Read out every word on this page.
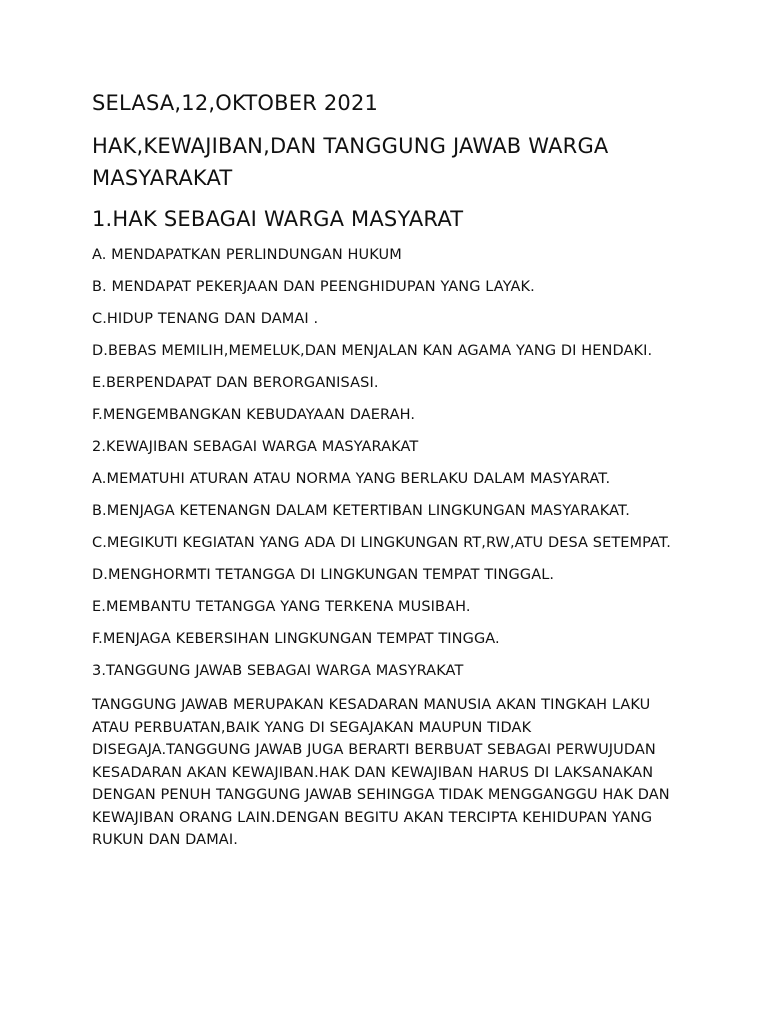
SELASA,12,OKTOBER 2021
HAK,KEWAJIBAN,DAN TANGGUNG JAWAB WARGA MASYARAKAT
1.HAK SEBAGAI WARGA MASYARAT
A. MENDAPATKAN PERLINDUNGAN HUKUM
B. MENDAPAT PEKERJAAN DAN PEENGHIDUPAN YANG LAYAK.
C.HIDUP TENANG DAN DAMAI .
D.BEBAS MEMILIH,MEMELUK,DAN MENJALAN KAN AGAMA YANG DI HENDAKI.
E.BERPENDAPAT DAN BERORGANISASI.
F.MENGEMBANGKAN KEBUDAYAAN DAERAH.
2.KEWAJIBAN SEBAGAI WARGA MASYARAKAT
A.MEMATUHI ATURAN ATAU NORMA YANG BERLAKU DALAM MASYARAT.
B.MENJAGA KETENANGN DALAM KETERTIBAN LINGKUNGAN MASYARAKAT.
C.MEGIKUTI KEGIATAN YANG ADA DI LINGKUNGAN RT,RW,ATU DESA SETEMPAT.
D.MENGHORMTI TETANGGA DI LINGKUNGAN TEMPAT TINGGAL.
E.MEMBANTU TETANGGA YANG TERKENA MUSIBAH.
F.MENJAGA KEBERSIHAN LINGKUNGAN TEMPAT TINGGA.
3.TANGGUNG JAWAB SEBAGAI WARGA MASYRAKAT
TANGGUNG JAWAB MERUPAKAN KESADARAN MANUSIA AKAN TINGKAH LAKU ATAU PERBUATAN,BAIK YANG DI SEGAJAKAN MAUPUN TIDAK DISEGAJA.TANGGUNG JAWAB JUGA BERARTI BERBUAT SEBAGAI PERWUJUDAN KESADARAN AKAN KEWAJIBAN.HAK DAN KEWAJIBAN HARUS DI LAKSANAKAN DENGAN PENUH TANGGUNG JAWAB SEHINGGA TIDAK MENGGANGGU HAK DAN KEWAJIBAN ORANG LAIN.DENGAN BEGITU AKAN TERCIPTA KEHIDUPAN YANG RUKUN DAN DAMAI.
